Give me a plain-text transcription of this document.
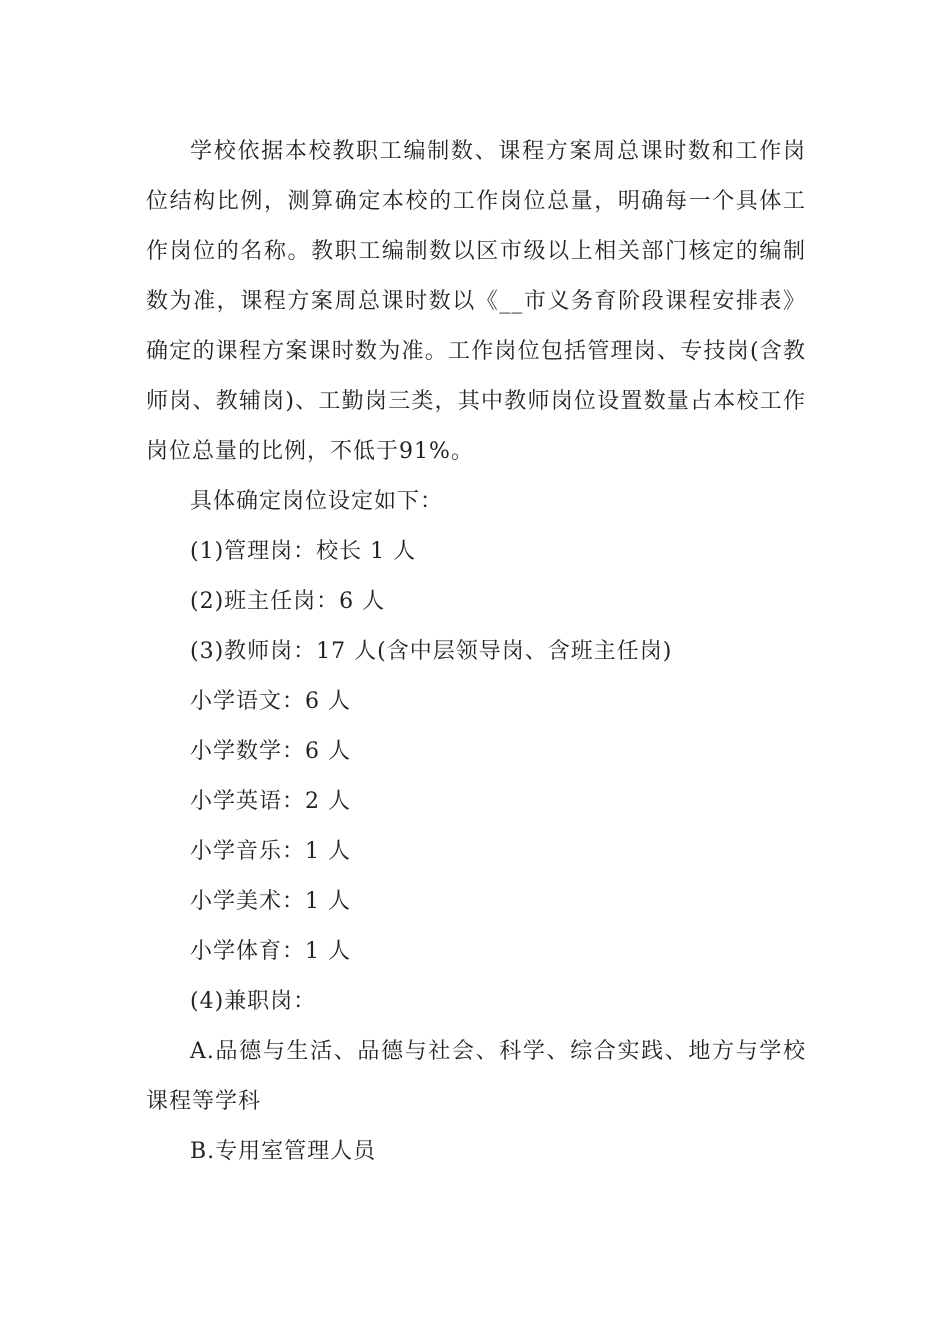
学校依据本校教职工编制数、课程方案周总课时数和工作岗位结构比例，测算确定本校的工作岗位总量，明确每一个具体工作岗位的名称。教职工编制数以区市级以上相关部门核定的编制数为准，课程方案周总课时数以《__市义务育阶段课程安排表》确定的课程方案课时数为准。工作岗位包括管理岗、专技岗(含教师岗、教辅岗)、工勤岗三类，其中教师岗位设置数量占本校工作岗位总量的比例，不低于91%。

具体确定岗位设定如下：

(1)管理岗：校长 1 人

(2)班主任岗：6 人

(3)教师岗：17 人(含中层领导岗、含班主任岗)

小学语文：6 人

小学数学：6 人

小学英语：2 人

小学音乐：1 人

小学美术：1 人

小学体育：1 人

(4)兼职岗：

A.品德与生活、品德与社会、科学、综合实践、地方与学校课程等学科

B.专用室管理人员
